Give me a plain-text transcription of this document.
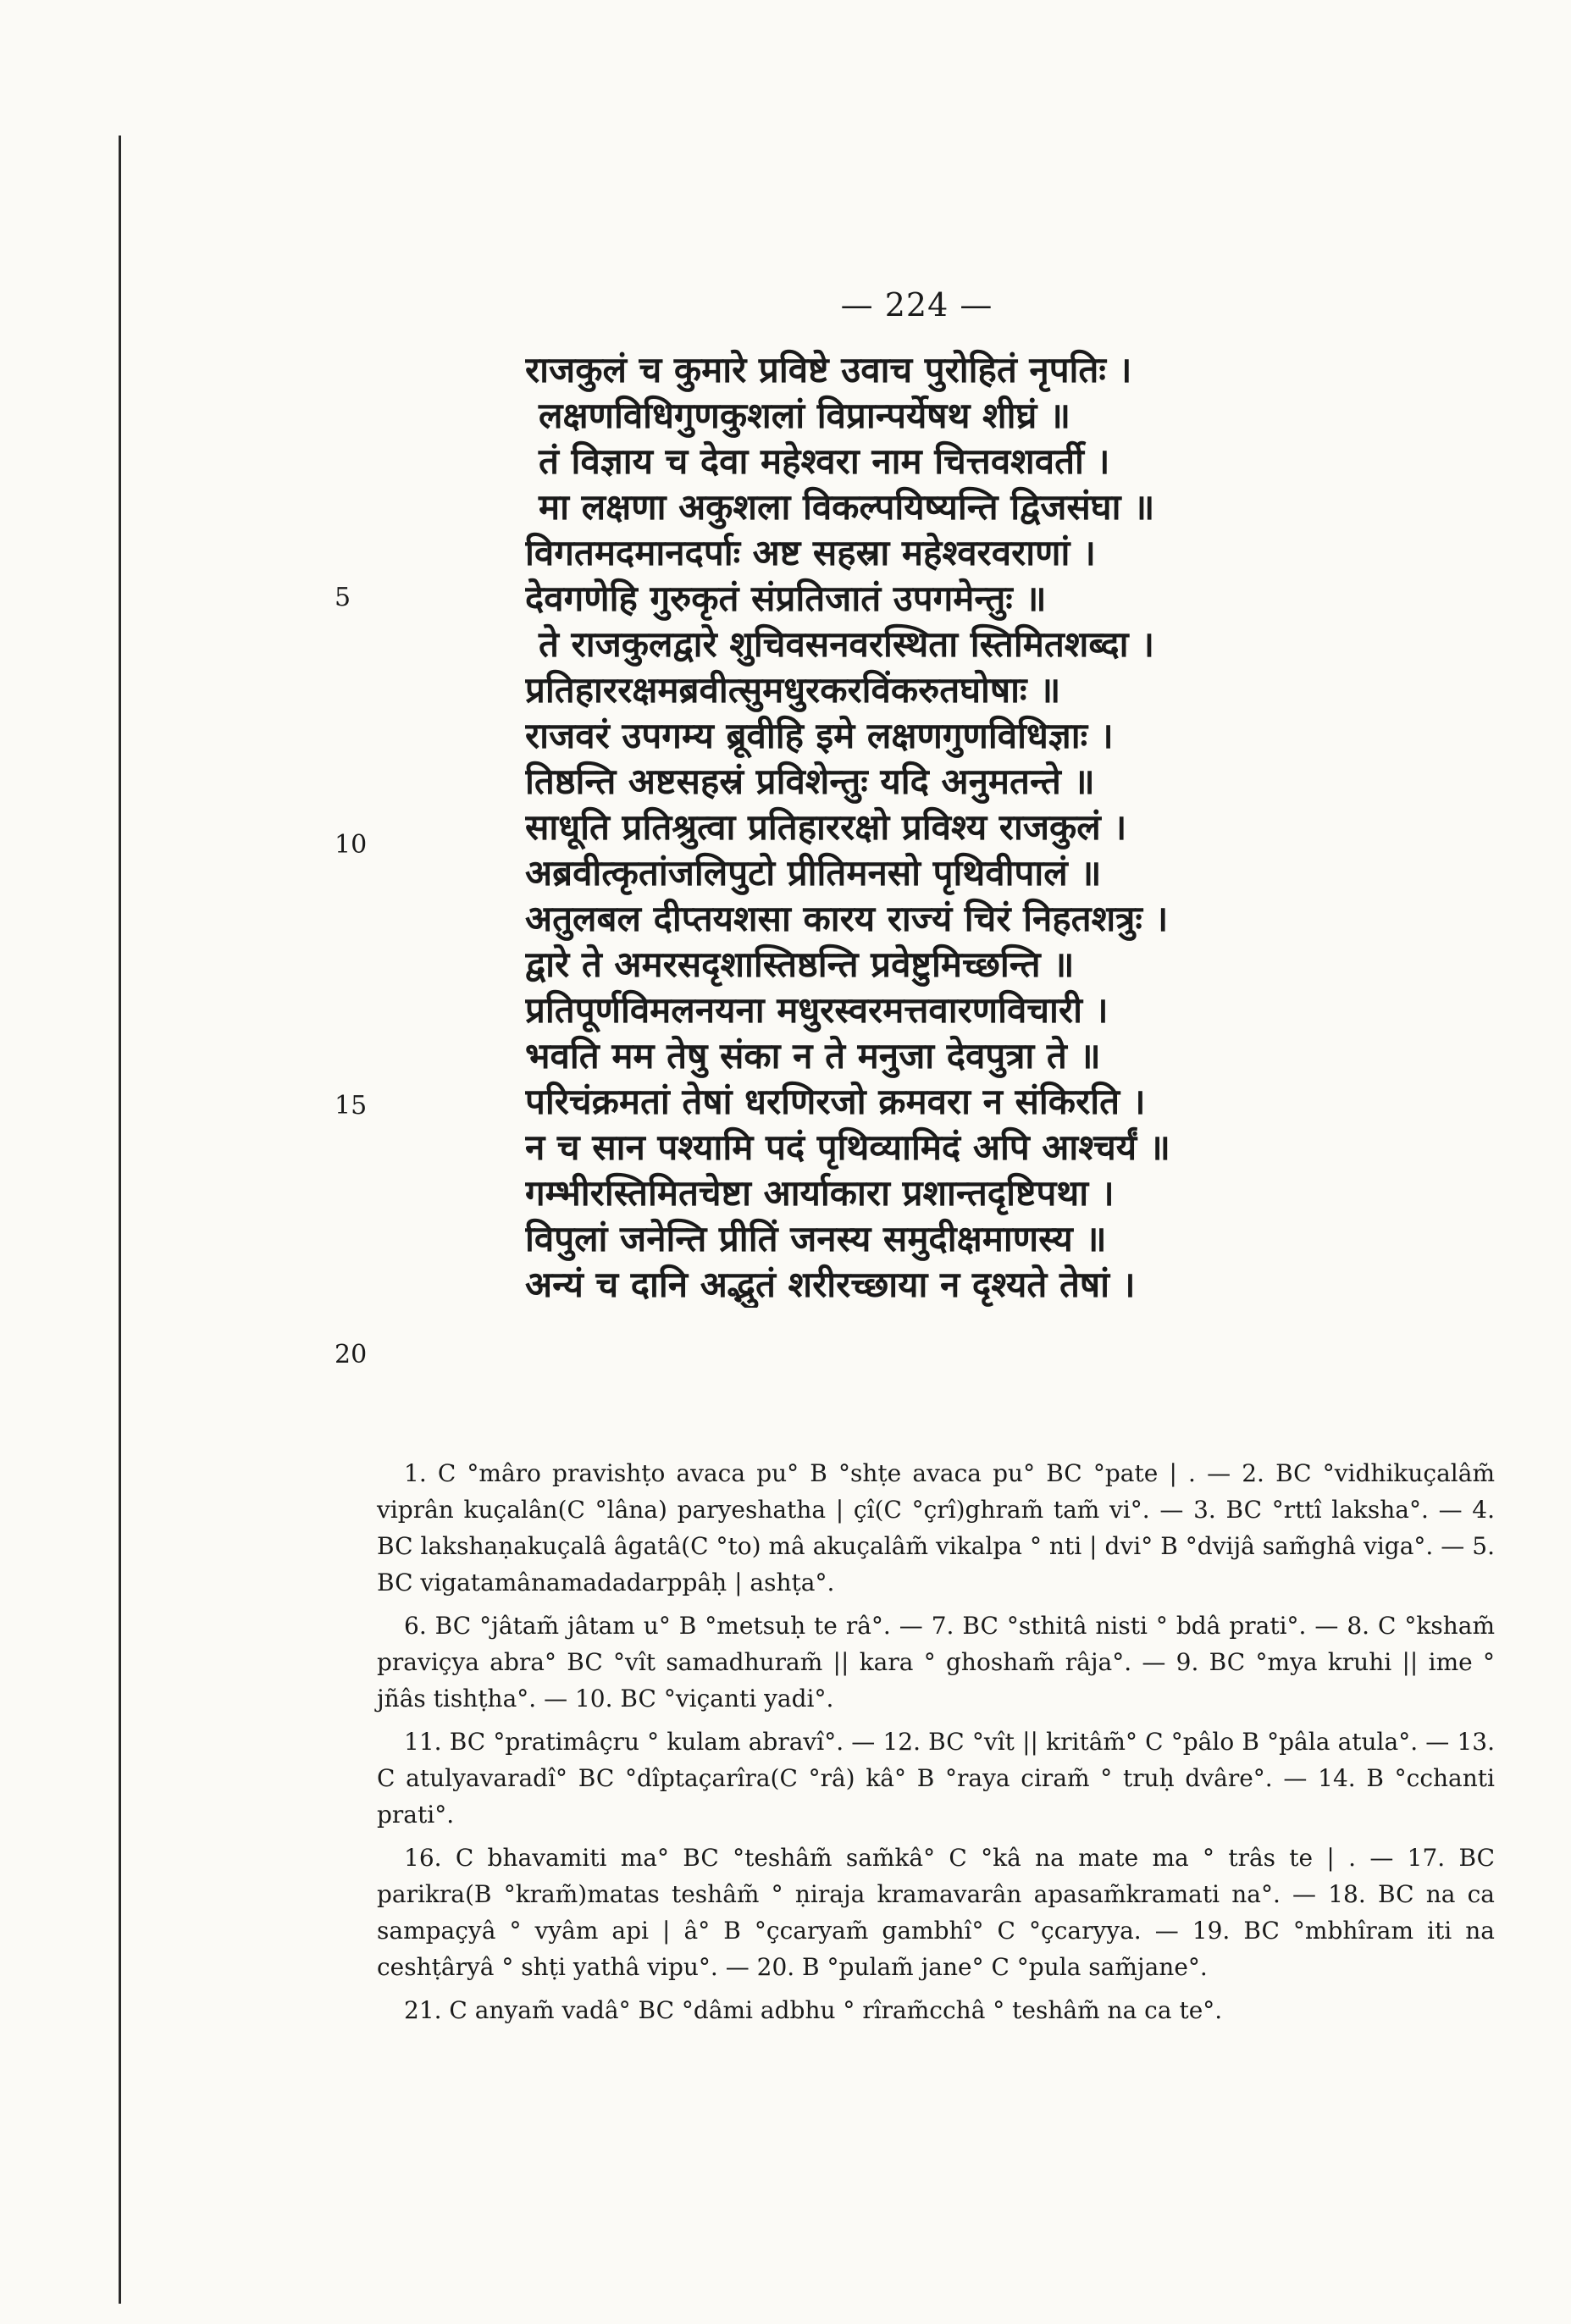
— 224 —
5
10
15
20
राजकुलं च कुमारे प्रविष्टे उवाच पुरोहितं नृपतिः ।
लक्षणविधिगुणकुशलां विप्रान्पर्येषथ शीघ्रं ॥
तं विज्ञाय च देवा महेश्वरा नाम चित्तवशवर्ती ।
मा लक्षणा अकुशला विकल्पयिष्यन्ति द्विजसंघा ॥
विगतमदमानदर्पाः अष्ट सहस्रा महेश्वरवराणां ।
देवगणेहि गुरुकृतं संप्रतिजातं उपगमेन्तुः ॥
ते राजकुलद्वारे शुचिवसनवरस्थिता स्तिमितशब्दा ।
प्रतिहाररक्षमब्रवीत्सुमधुरकरविंकरुतघोषाः ॥
राजवरं उपगम्य ब्रूवीहि इमे लक्षणगुणविधिज्ञाः ।
तिष्ठन्ति अष्टसहस्रं प्रविशेन्तुः यदि अनुमतन्ते ॥
साधूति प्रतिश्रुत्वा प्रतिहाररक्षो प्रविश्य राजकुलं ।
अब्रवीत्कृतांजलिपुटो प्रीतिमनसो पृथिवीपालं ॥
अतुलबल दीप्तयशसा कारय राज्यं चिरं निहतशत्रुः ।
द्वारे ते अमरसदृशास्तिष्ठन्ति प्रवेष्टुमिच्छन्ति ॥
प्रतिपूर्णविमलनयना मधुरस्वरमत्तवारणविचारी ।
भवति मम तेषु संका न ते मनुजा देवपुत्रा ते ॥
परिचंक्रमतां तेषां धरणिरजो क्रमवरा न संकिरति ।
न च सान पश्यामि पदं पृथिव्यामिदं अपि आश्चर्यं ॥
गम्भीरस्तिमितचेष्टा आर्याकारा प्रशान्तदृष्टिपथा ।
विपुलां जनेन्ति प्रीतिं जनस्य समुदीक्षमाणस्य ॥
अन्यं च दानि अद्भुतं शरीरच्छाया न दृश्यते तेषां ।

1. C °mâro pravishṭo avaca pu° B °shṭe avaca pu° BC °pate | . — 2. BC °vidhikuçalâm̃ viprân kuçalân(C °lâna) paryeshatha | çî(C °çrî)ghram̃ tam̃ vi°. — 3. BC °rttî laksha°. — 4. BC lakshaṇakuçalâ âgatâ(C °to) mâ akuçalâm̃ vikalpa ° nti | dvi° B °dvijâ sam̃ghâ viga°. — 5. BC vigatamânamadadarppâḥ | ashṭa°.

6. BC °jâtam̃ jâtam u° B °metsuḥ te râ°. — 7. BC °sthitâ nisti ° bdâ prati°. — 8. C °ksham̃ praviçya abra° BC °vît samadhuram̃ || kara ° ghosham̃ râja°. — 9. BC °mya kruhi || ime ° jñâs tishṭha°. — 10. BC °viçanti yadi°.

11. BC °pratimâçru ° kulam abravî°. — 12. BC °vît || kritâm̃° C °pâlo B °pâla atula°. — 13. C atulyavaradî° BC °dîptaçarîra(C °râ) kâ° B °raya ciram̃ ° truḥ dvâre°. — 14. B °cchanti prati°.

16. C bhavamiti ma° BC °teshâm̃ sam̃kâ° C °kâ na mate ma ° trâs te | . — 17. BC parikra(B °kram̃)matas teshâm̃ ° ṇiraja kramavarân apasam̃kramati na°. — 18. BC na ca sampaçyâ ° vyâm api | â° B °çcaryam̃ gambhî° C °çcaryya. — 19. BC °mbhîram iti na ceshṭâryâ ° shṭi yathâ vipu°. — 20. B °pulam̃ jane° C °pula sam̃jane°.

21. C anyam̃ vadâ° BC °dâmi adbhu ° rîram̃cchâ ° teshâm̃ na ca te°.
